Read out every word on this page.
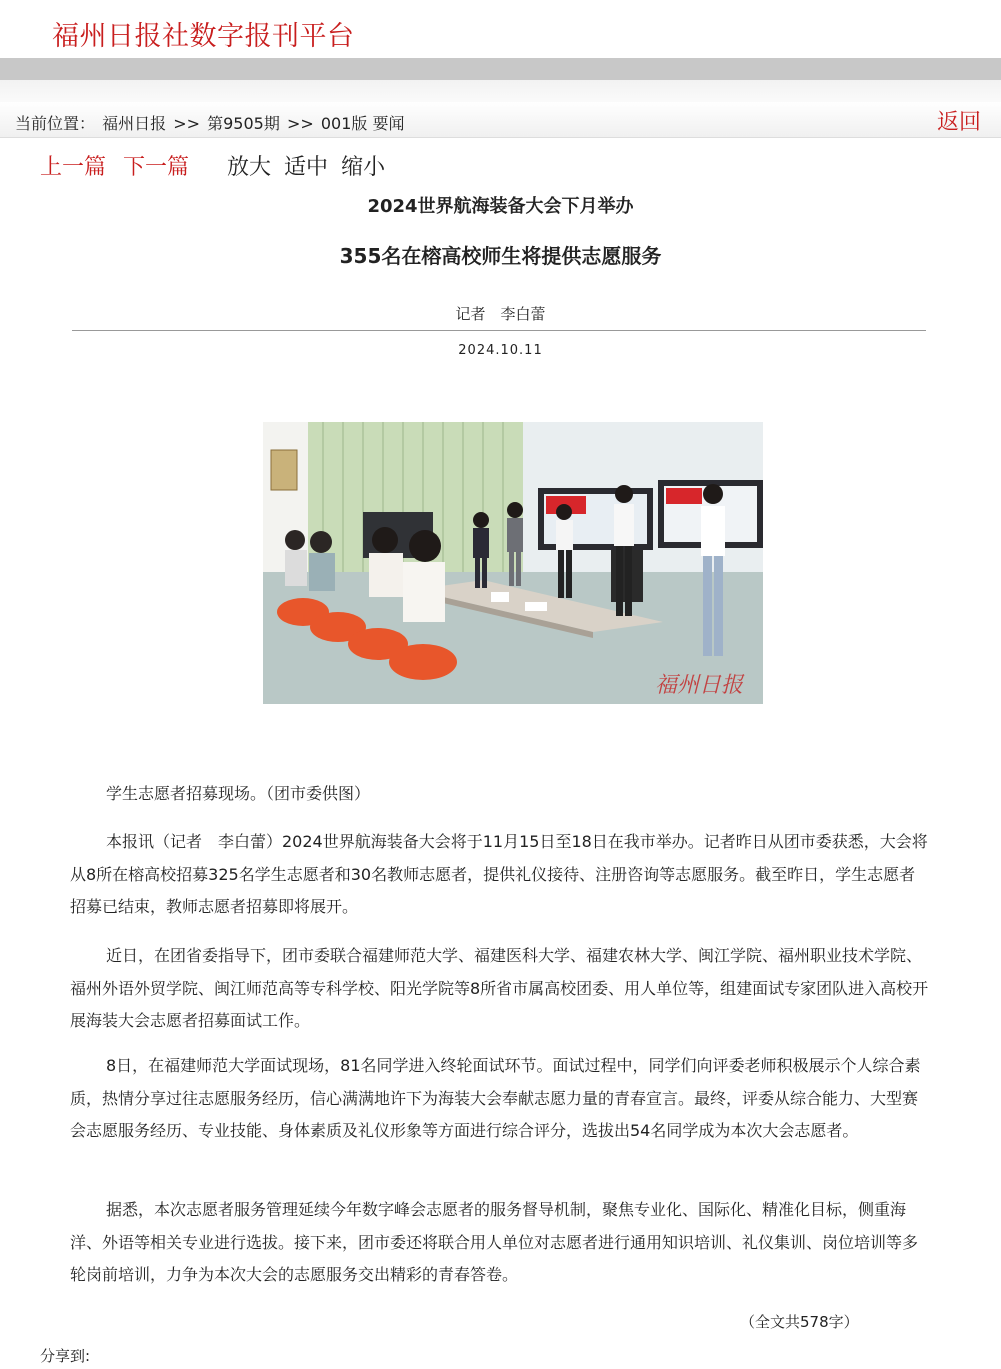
福州日报社数字报刊平台
当前位置： 福州日报 >> 第9505期 >> 001版 要闻	返回
上一篇 下一篇 放大 适中 缩小
2024世界航海装备大会下月举办
355名在榕高校师生将提供志愿服务
记者　李白蕾
2024.10.11
福州日报

学生志愿者招募现场。（团市委供图）

本报讯（记者　李白蕾）2024世界航海装备大会将于11月15日至18日在我市举办。记者昨日从团市委获悉，大会将从8所在榕高校招募325名学生志愿者和30名教师志愿者，提供礼仪接待、注册咨询等志愿服务。截至昨日，学生志愿者招募已结束，教师志愿者招募即将展开。

近日，在团省委指导下，团市委联合福建师范大学、福建医科大学、福建农林大学、闽江学院、福州职业技术学院、福州外语外贸学院、闽江师范高等专科学校、阳光学院等8所省市属高校团委、用人单位等，组建面试专家团队进入高校开展海装大会志愿者招募面试工作。

8日，在福建师范大学面试现场，81名同学进入终轮面试环节。面试过程中，同学们向评委老师积极展示个人综合素质，热情分享过往志愿服务经历，信心满满地许下为海装大会奉献志愿力量的青春宣言。最终，评委从综合能力、大型赛会志愿服务经历、专业技能、身体素质及礼仪形象等方面进行综合评分，选拔出54名同学成为本次大会志愿者。

据悉，本次志愿者服务管理延续今年数字峰会志愿者的服务督导机制，聚焦专业化、国际化、精准化目标，侧重海洋、外语等相关专业进行选拔。接下来，团市委还将联合用人单位对志愿者进行通用知识培训、礼仪集训、岗位培训等多轮岗前培训，力争为本次大会的志愿服务交出精彩的青春答卷。

（全文共578字）
分享到:
